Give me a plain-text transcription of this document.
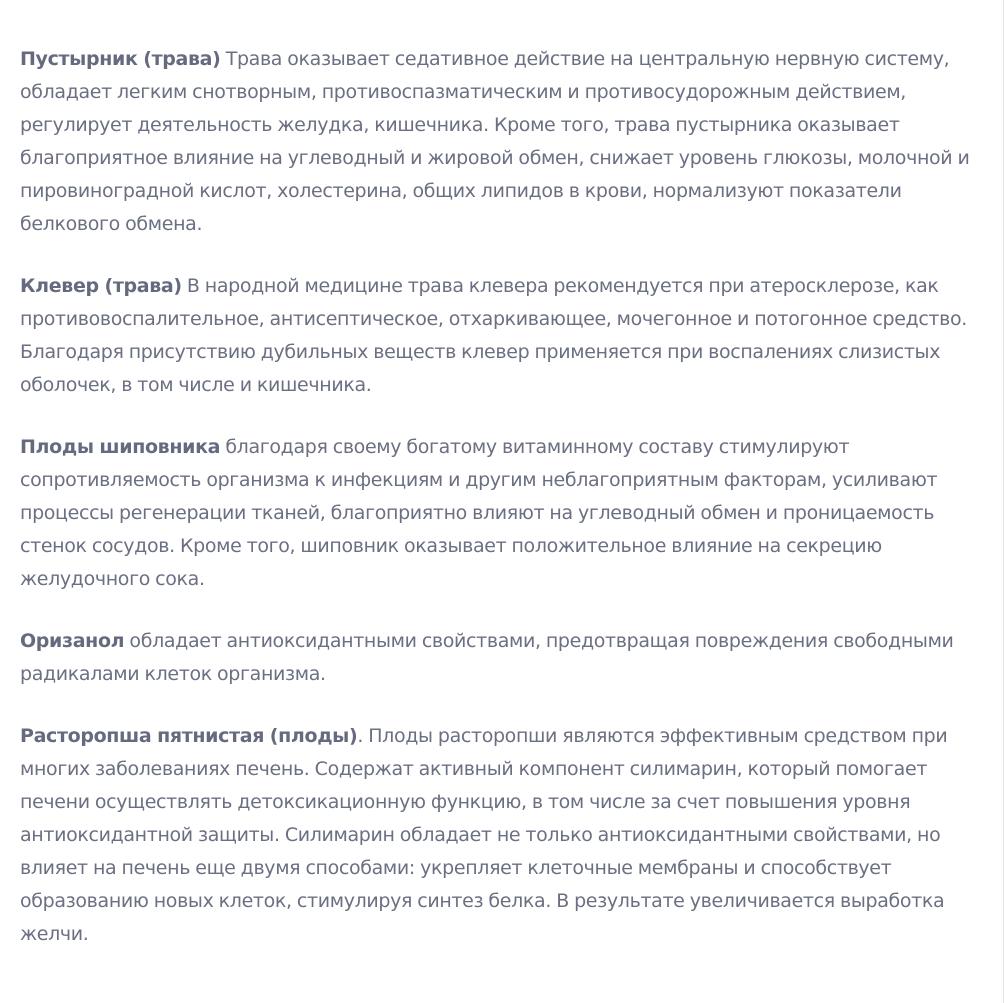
Пустырник (трава) Трава оказывает седативное действие на центральную нервную систему, обладает легким снотворным, противоспазматическим и противосудорожным действием, регулирует деятельность желудка, кишечника. Кроме того, трава пустырника оказывает благоприятное влияние на углеводный и жировой обмен, снижает уровень глюкозы, молочной и пировиноградной кислот, холестерина, общих липидов в крови, нормализуют показатели белкового обмена.

Клевер (трава) В народной медицине трава клевера рекомендуется при атеросклерозе, как противовоспалительное, антисептическое, отхаркивающее, мочегонное и потогонное средство. Благодаря присутствию дубильных веществ клевер применяется при воспалениях слизистых оболочек, в том числе и кишечника.

Плоды шиповника благодаря своему богатому витаминному составу стимулируют сопротивляемость организма к инфекциям и другим неблагоприятным факторам, усиливают процессы регенерации тканей, благоприятно влияют на углеводный обмен и проницаемость стенок сосудов. Кроме того, шиповник оказывает положительное влияние на секрецию желудочного сока.

Оризанол обладает антиоксидантными свойствами, предотвращая повреждения свободными радикалами клеток организма.

Расторопша пятнистая (плоды). Плоды расторопши являются эффективным средством при многих заболеваниях печень. Содержат активный компонент силимарин, который помогает печени осуществлять детоксикационную функцию, в том числе за счет повышения уровня антиоксидантной защиты. Силимарин обладает не только антиоксидантными свойствами, но влияет на печень еще двумя способами: укрепляет клеточные мембраны и способствует образованию новых клеток, стимулируя синтез белка. В результате увеличивается выработка желчи.
